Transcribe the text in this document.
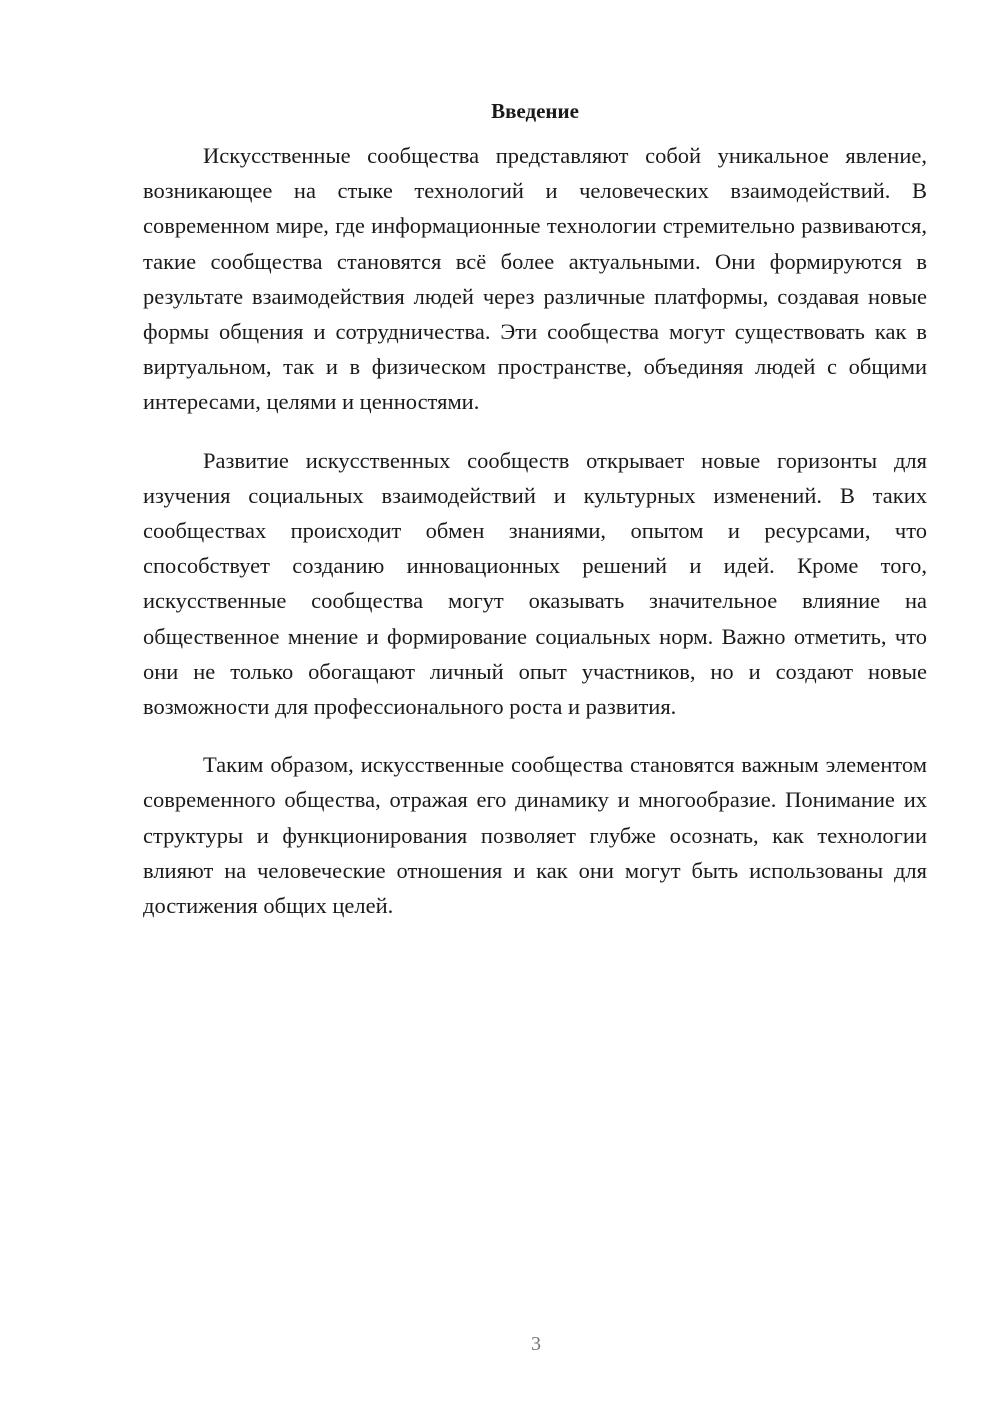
Введение

Искусственные сообщества представляют собой уникальное явление, возникающее на стыке технологий и человеческих взаимодействий. В современном мире, где информационные технологии стремительно развиваются, такие сообщества становятся всё более актуальными. Они формируются в результате взаимодействия людей через различные платформы, создавая новые формы общения и сотрудничества. Эти сообщества могут существовать как в виртуальном, так и в физическом пространстве, объединяя людей с общими интересами, целями и ценностями.

Развитие искусственных сообществ открывает новые горизонты для изучения социальных взаимодействий и культурных изменений. В таких сообществах происходит обмен знаниями, опытом и ресурсами, что способствует созданию инновационных решений и идей. Кроме того, искусственные сообщества могут оказывать значительное влияние на общественное мнение и формирование социальных норм. Важно отметить, что они не только обогащают личный опыт участников, но и создают новые возможности для профессионального роста и развития.

Таким образом, искусственные сообщества становятся важным элементом современного общества, отражая его динамику и многообразие. Понимание их структуры и функционирования позволяет глубже осознать, как технологии влияют на человеческие отношения и как они могут быть использованы для достижения общих целей.

3
